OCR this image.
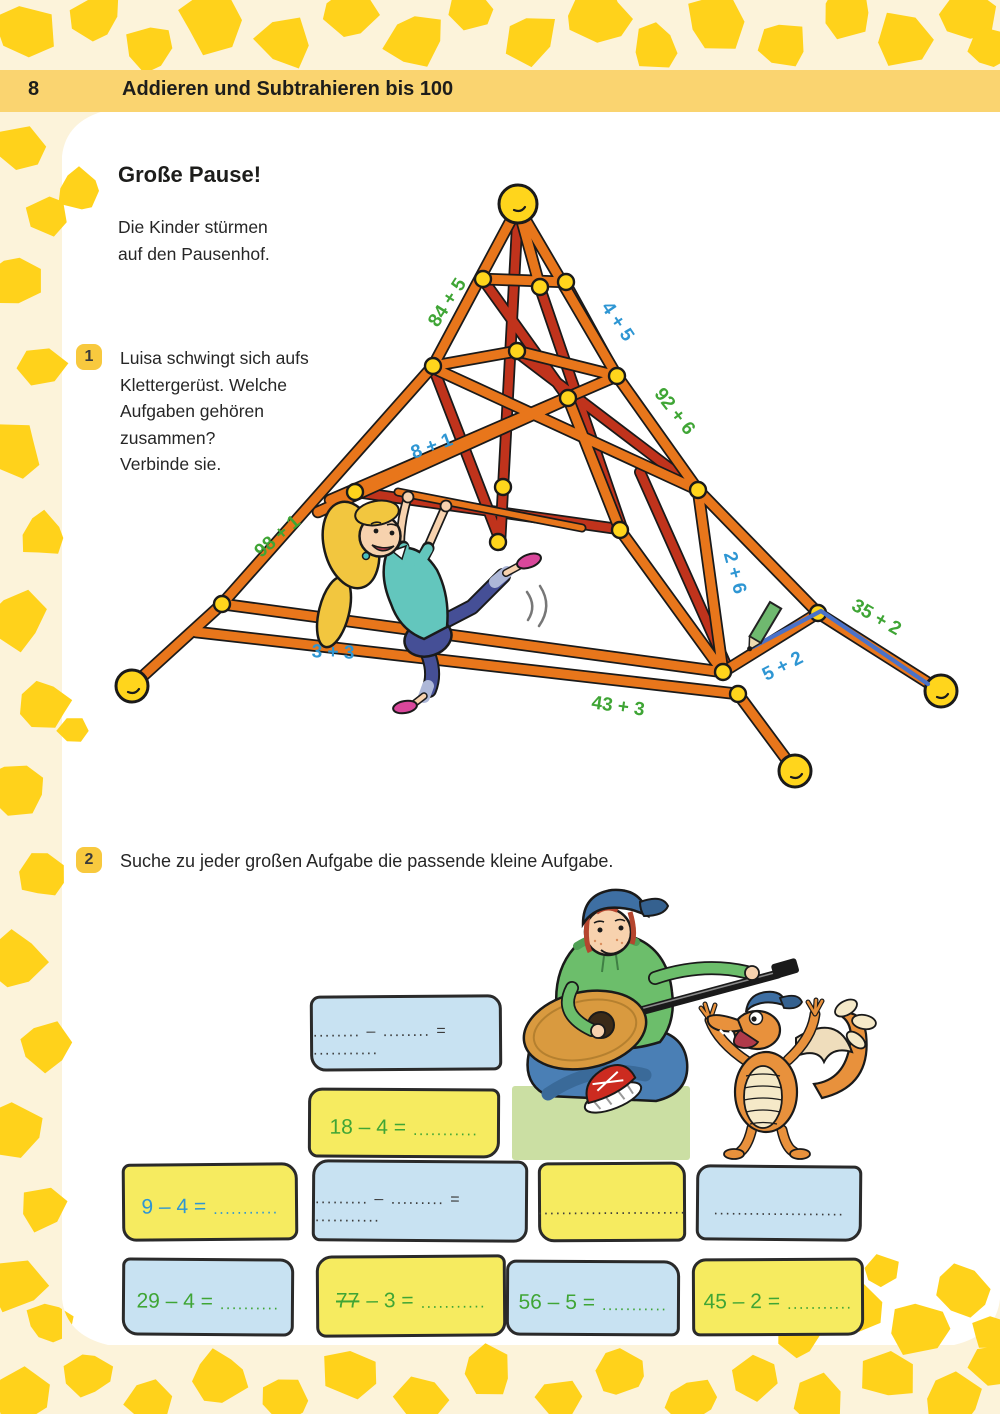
8	Addieren und Subtrahieren bis 100
Große Pause!
Die Kinder stürmen
auf den Pausenhof.
1	Luisa schwingt sich aufs
Klettergerüst. Welche
Aufgaben gehören
zusammen?
Verbinde sie.
84 + 5	4 + 5
92 + 6
8 + 1
98 + 1
2 + 6
3 + 3
43 + 3
5 + 2
35 + 2
2	Suche zu jeder großen Aufgabe die passende kleine Aufgabe.
........ – ........ = ...........
18 – 4 = ...........
9 – 4 = ...........
......... – ......... = ...........	......................... ......................
29 – 4 = ..........	77 – 3 = ........... 56 – 5 = ........... 45 – 2 = ...........
